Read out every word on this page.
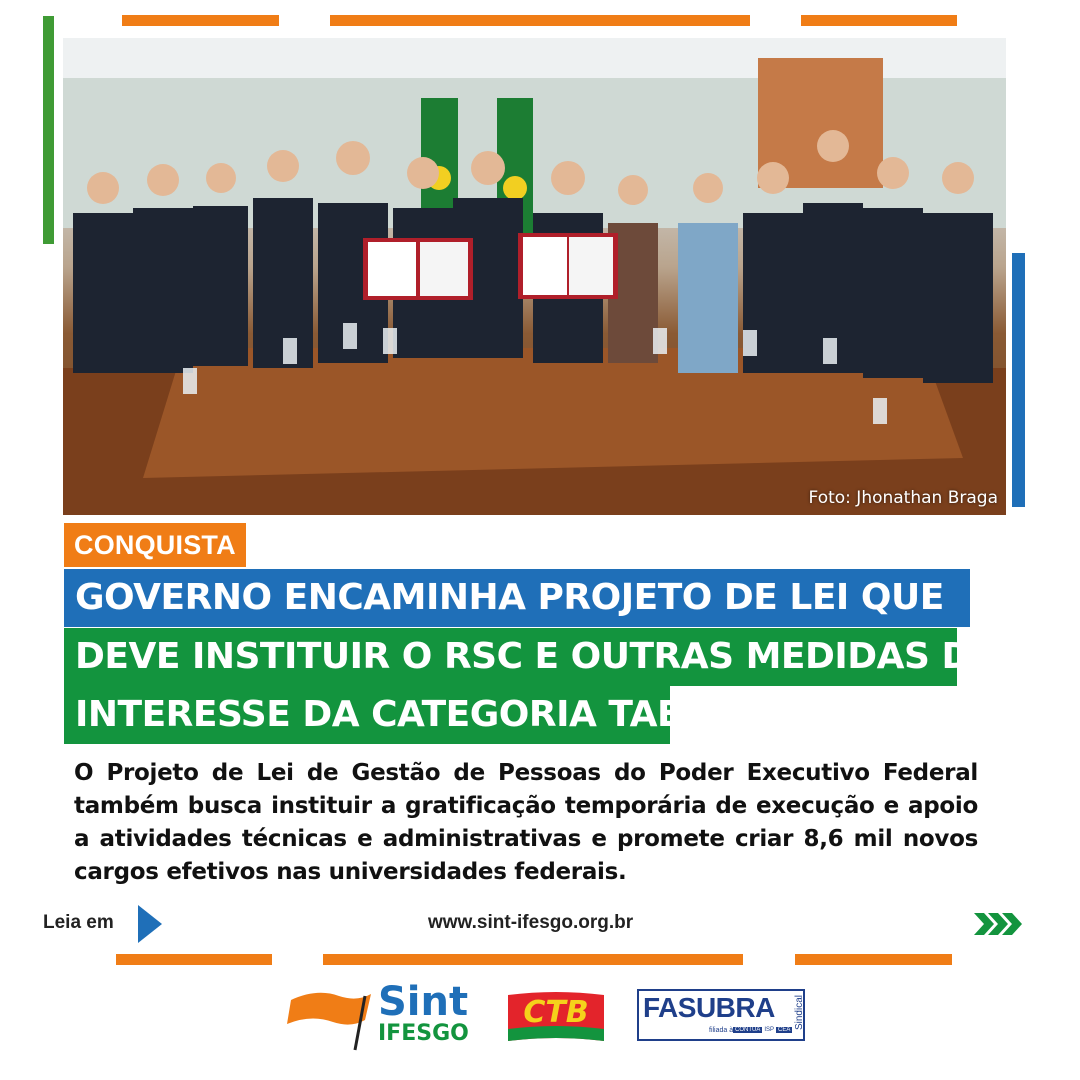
Foto: Jhonathan Braga
CONQUISTA
GOVERNO ENCAMINHA PROJETO DE LEI QUE
DEVE INSTITUIR O RSC E OUTRAS MEDIDAS DE
INTERESSE DA CATEGORIA TAE
O Projeto de Lei de Gestão de Pessoas do Poder Executivo Federal também busca instituir a gratificação temporária de execução e apoio a atividades técnicas e administrativas e promete criar 8,6 mil novos cargos efetivos nas universidades federais.
Leia em	www.sint-ifesgo.org.br
Sint
IFESGO
CTB	FASUBRA
filiada à CONTUA ISP CEA Sindical
